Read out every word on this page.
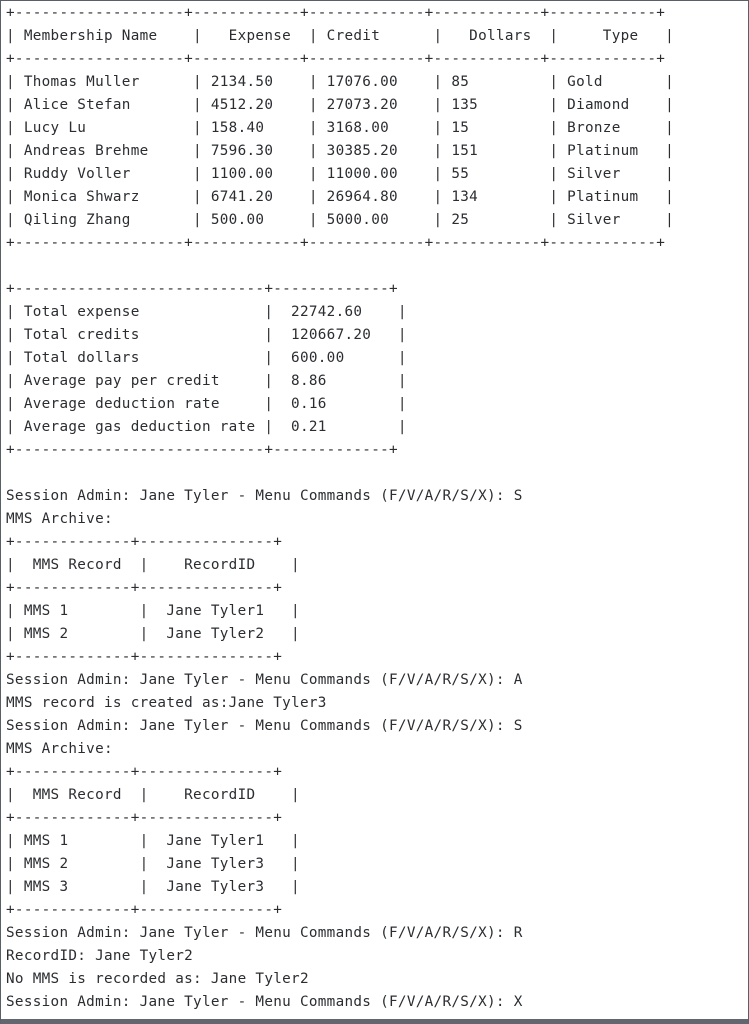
+-------------------+------------+-------------+------------+------------+
| Membership Name    |   Expense  | Credit      |   Dollars  |     Type   |
+-------------------+------------+-------------+------------+------------+
| Thomas Muller      | 2134.50    | 17076.00    | 85         | Gold       |
| Alice Stefan       | 4512.20    | 27073.20    | 135        | Diamond    |
| Lucy Lu            | 158.40     | 3168.00     | 15         | Bronze     |
| Andreas Brehme     | 7596.30    | 30385.20    | 151        | Platinum   |
| Ruddy Voller       | 1100.00    | 11000.00    | 55         | Silver     |
| Monica Shwarz      | 6741.20    | 26964.80    | 134        | Platinum   |
| Qiling Zhang       | 500.00     | 5000.00     | 25         | Silver     |
+-------------------+------------+-------------+------------+------------+
+----------------------------+-------------+
| Total expense              |  22742.60    |
| Total credits              |  120667.20   |
| Total dollars              |  600.00      |
| Average pay per credit     |  8.86        |
| Average deduction rate     |  0.16        |
| Average gas deduction rate |  0.21        |
+----------------------------+-------------+
Session Admin: Jane Tyler - Menu Commands (F/V/A/R/S/X): S
MMS Archive:
+-------------+---------------+
|  MMS Record  |    RecordID    |
+-------------+---------------+
| MMS 1        |  Jane Tyler1   |
| MMS 2        |  Jane Tyler2   |
+-------------+---------------+
Session Admin: Jane Tyler - Menu Commands (F/V/A/R/S/X): A
MMS record is created as:Jane Tyler3
Session Admin: Jane Tyler - Menu Commands (F/V/A/R/S/X): S
MMS Archive:
+-------------+---------------+
|  MMS Record  |    RecordID    |
+-------------+---------------+
| MMS 1        |  Jane Tyler1   |
| MMS 2        |  Jane Tyler3   |
| MMS 3        |  Jane Tyler3   |
+-------------+---------------+
Session Admin: Jane Tyler - Menu Commands (F/V/A/R/S/X): R
RecordID: Jane Tyler2
No MMS is recorded as: Jane Tyler2
Session Admin: Jane Tyler - Menu Commands (F/V/A/R/S/X): X
